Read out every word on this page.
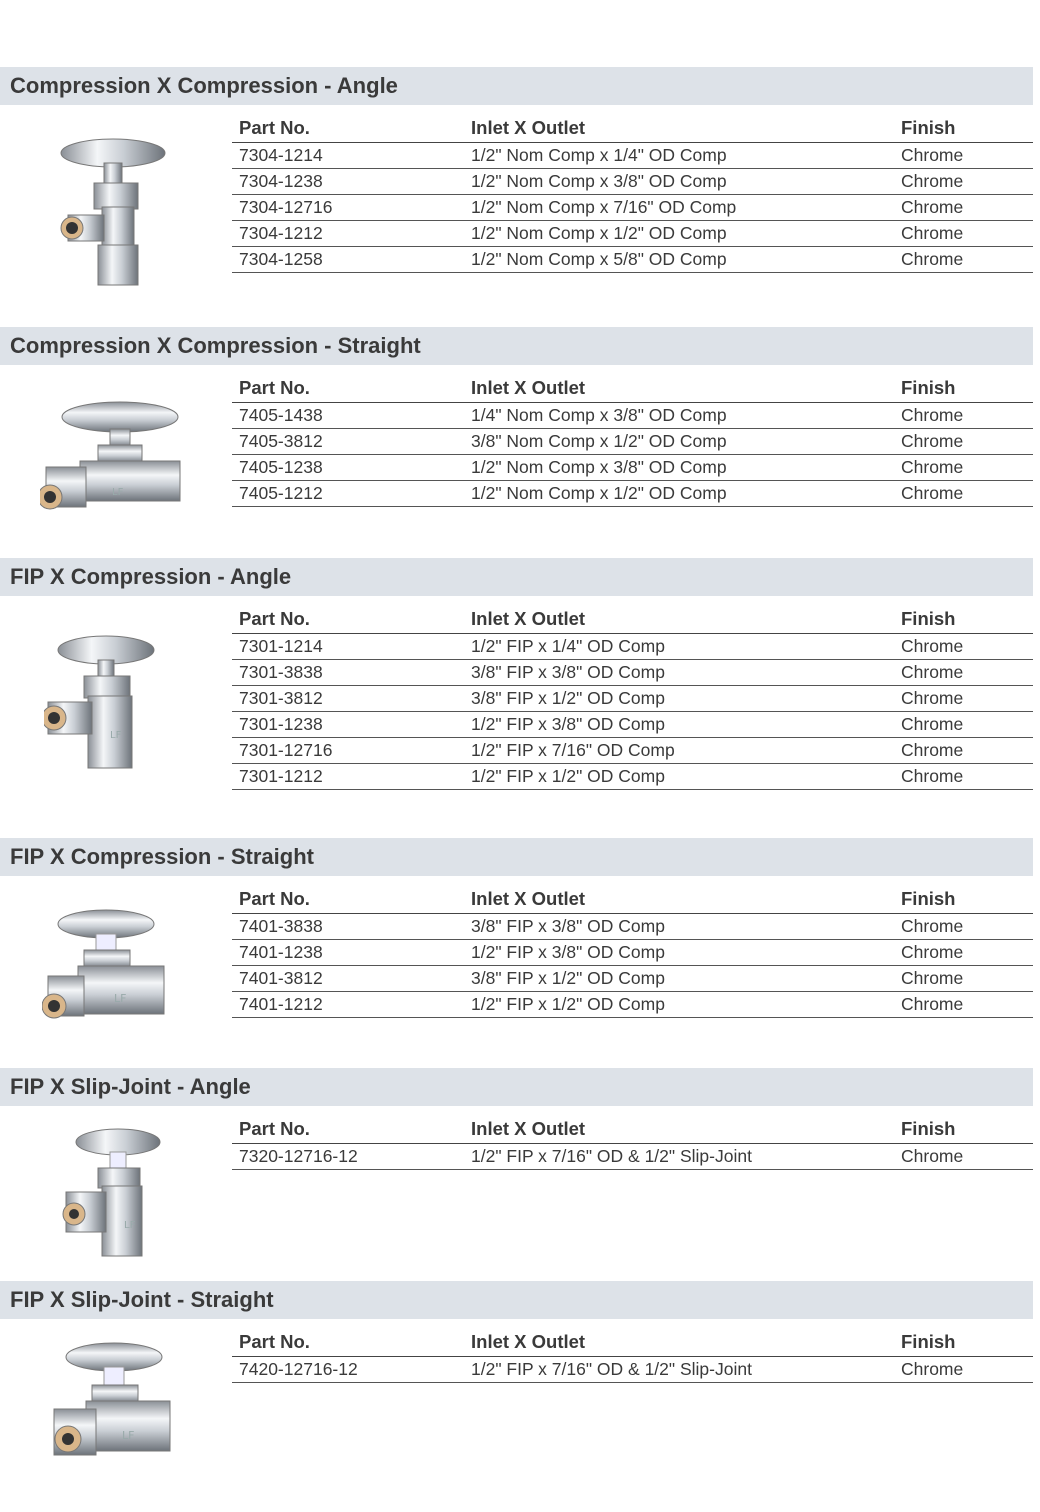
Compression X Compression - Angle
Part No.	Inlet X Outlet	Finish
7304-1214	1/2" Nom Comp x 1/4" OD Comp	Chrome
7304-1238	1/2" Nom Comp x 3/8" OD Comp	Chrome
7304-12716	1/2" Nom Comp x 7/16" OD Comp	Chrome
7304-1212	1/2" Nom Comp x 1/2" OD Comp	Chrome
7304-1258	1/2" Nom Comp x 5/8" OD Comp	Chrome
Compression X Compression - Straight
LF
Part No.	Inlet X Outlet	Finish
7405-1438	1/4" Nom Comp x 3/8" OD Comp	Chrome
7405-3812	3/8" Nom Comp x 1/2" OD Comp	Chrome
7405-1238	1/2" Nom Comp x 3/8" OD Comp	Chrome
7405-1212	1/2" Nom Comp x 1/2" OD Comp	Chrome
FIP X Compression - Angle
LF
Part No.	Inlet X Outlet	Finish
7301-1214	1/2" FIP x 1/4" OD Comp	Chrome
7301-3838	3/8" FIP x 3/8" OD Comp	Chrome
7301-3812	3/8" FIP x 1/2" OD Comp	Chrome
7301-1238	1/2" FIP x 3/8" OD Comp	Chrome
7301-12716	1/2" FIP x 7/16" OD Comp	Chrome
7301-1212	1/2" FIP x 1/2" OD Comp	Chrome
FIP X Compression - Straight
LF
Part No.	Inlet X Outlet	Finish
7401-3838	3/8" FIP x 3/8" OD Comp	Chrome
7401-1238	1/2" FIP x 3/8" OD Comp	Chrome
7401-3812	3/8" FIP x 1/2" OD Comp	Chrome
7401-1212	1/2" FIP x 1/2" OD Comp	Chrome
FIP X Slip-Joint - Angle
LF
Part No.	Inlet X Outlet	Finish
7320-12716-12	1/2" FIP x 7/16" OD & 1/2" Slip-Joint	Chrome
FIP X Slip-Joint - Straight
LF
Part No.	Inlet X Outlet	Finish
7420-12716-12	1/2" FIP x 7/16" OD & 1/2" Slip-Joint	Chrome
